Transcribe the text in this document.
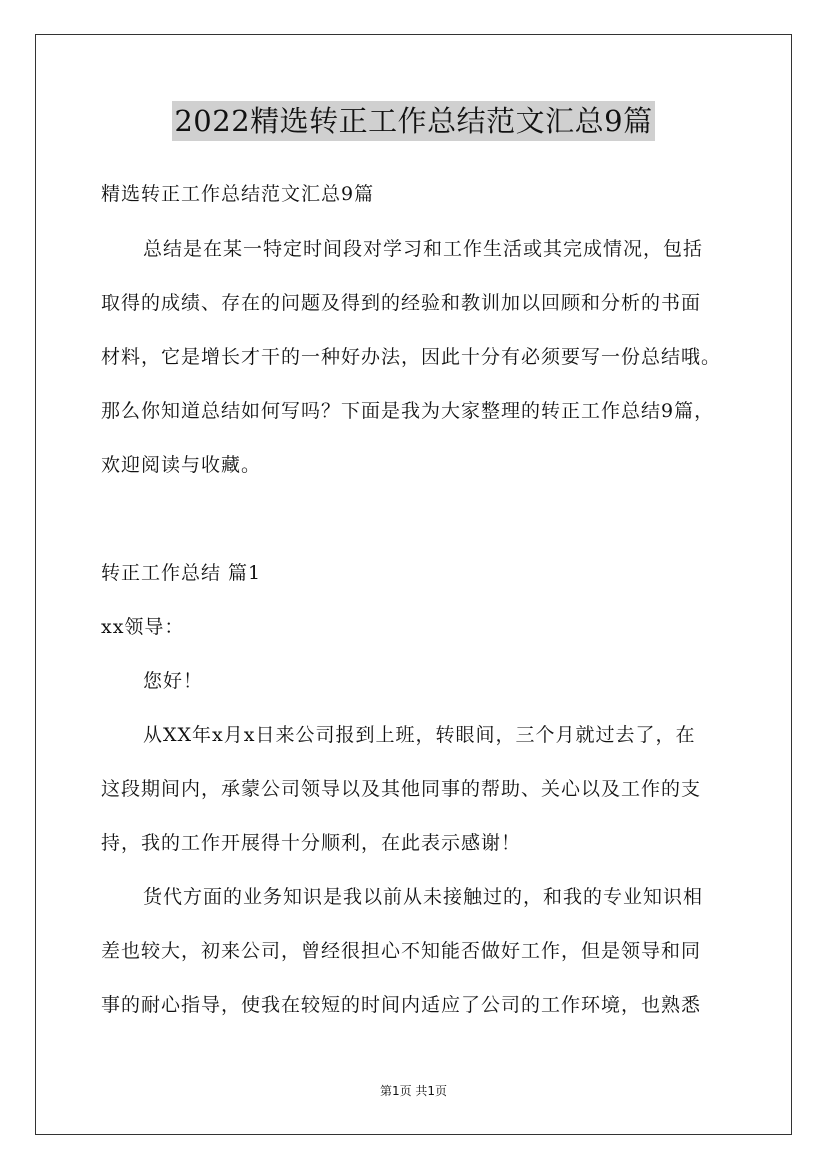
2022精选转正工作总结范文汇总9篇
精选转正工作总结范文汇总9篇
总结是在某一特定时间段对学习和工作生活或其完成情况，包括
取得的成绩、存在的问题及得到的经验和教训加以回顾和分析的书面
材料，它是增长才干的一种好办法，因此十分有必须要写一份总结哦。
那么你知道总结如何写吗？下面是我为大家整理的转正工作总结9篇，
欢迎阅读与收藏。
转正工作总结 篇1
xx领导：
您好！
从XX年x月x日来公司报到上班，转眼间，三个月就过去了，在
这段期间内，承蒙公司领导以及其他同事的帮助、关心以及工作的支
持，我的工作开展得十分顺利，在此表示感谢！
货代方面的业务知识是我以前从未接触过的，和我的专业知识相
差也较大，初来公司，曾经很担心不知能否做好工作，但是领导和同
事的耐心指导，使我在较短的时间内适应了公司的工作环境，也熟悉
第1页 共1页
